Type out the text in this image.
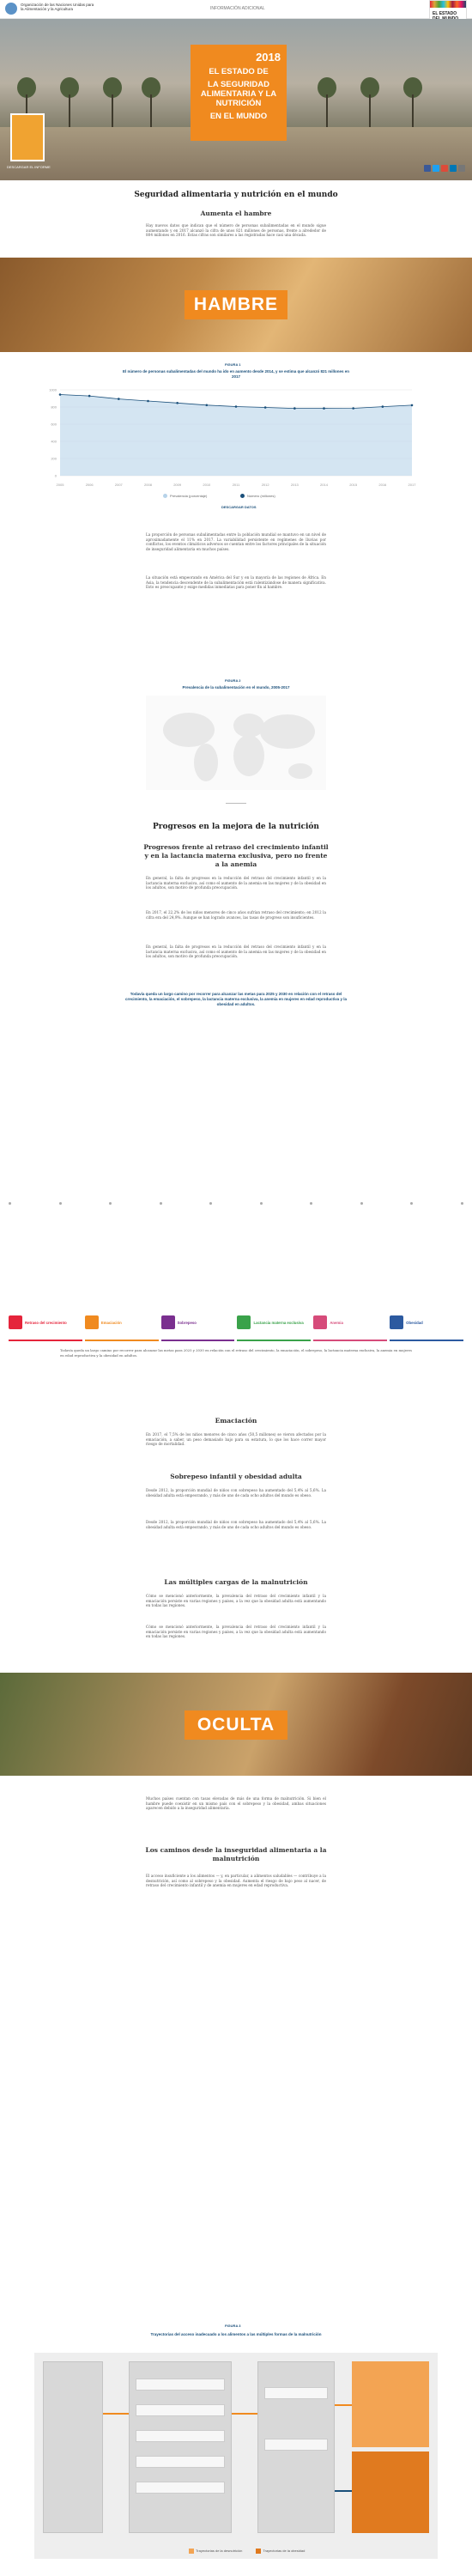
Organización de las Naciones Unidas para la Alimentación y la Agricultura	INFORMACIÓN ADICIONAL
EL ESTADO
2018
EL ESTADO DE
LA SEGURIDAD ALIMENTARIA Y LA NUTRICIÓN
EN EL MUNDO
DESCARGAR EL INFORME
Seguridad alimentaria y nutrición en el mundo
Aumenta el hambre
Hay nuevos datos que indican que el número de personas subalimentadas en el mundo sigue aumentando y en 2017 alcanzó la cifra de unos 821 millones de personas, frente a alrededor de 804 millones en 2016. Estas cifras son similares a las registradas hace casi una década.
HAMBRE
FIGURA 1
El número de personas subalimentadas del mundo ha ido en aumento desde 2014, y se estima que alcanzó 821 millones en 2017
0
200
400
600
800
1000
2005	2006	2007	2008	2009	2010	2011	2012	2013	2014	2015	2016	2017
Prevalencia (porcentaje)	Número (millones)
DESCARGAR DATOS
La proporción de personas subalimentadas entre la población mundial se mantuvo en un nivel de aproximadamente el 11% en 2017. La variabilidad persistente en regímenes de lluvias por conflictos, los eventos climáticos adversos se cuentan entre los factores principales de la situación de inseguridad alimentaria en muchos países.
La situación está empeorando en América del Sur y en la mayoría de las regiones de África. En Asia, la tendencia descendente de la subalimentación está ralentizándose de manera significativa. Esto es preocupante y exige medidas inmediatas para poner fin al hambre.
FIGURA 2
Prevalencia de la subalimentación en el mundo, 2005-2017
Progresos en la mejora de la nutrición
Progresos frente al retraso del crecimiento infantil y en la lactancia materna exclusiva, pero no frente a la anemia
En general, la falta de progresos en la reducción del retraso del crecimiento infantil y en la lactancia materna exclusiva, así como el aumento de la anemia en las mujeres y de la obesidad en los adultos, son motivo de profunda preocupación.
En 2017, el 22,2% de los niños menores de cinco años sufrían retraso del crecimiento; en 2012 la cifra era del 24,9%. Aunque se han logrado avances, las tasas de progreso son insuficientes.
En general, la falta de progresos en la reducción del retraso del crecimiento infantil y en la lactancia materna exclusiva, así como el aumento de la anemia en las mujeres y de la obesidad en los adultos, son motivo de profunda preocupación.
Todavía queda un largo camino por recorrer para alcanzar las metas para 2025 y 2030 en relación con el retraso del crecimiento, la emaciación, el sobrepeso, la lactancia materna exclusiva, la anemia en mujeres en edad reproductiva y la obesidad en adultos.
Retraso del crecimiento	Emaciación	Sobrepeso	Lactancia materna exclusiva	Anemia	Obesidad
Todavía queda un largo camino por recorrer para alcanzar las metas para 2025 y 2030 en relación con el retraso del crecimiento, la emaciación, el sobrepeso, la lactancia materna exclusiva, la anemia en mujeres en edad reproductiva y la obesidad en adultos.
Emaciación
En 2017, el 7,5% de los niños menores de cinco años (50,5 millones) se vieron afectados por la emaciación, a saber, un peso demasiado bajo para su estatura, lo que los hace correr mayor riesgo de mortalidad.
Sobrepeso infantil y obesidad adulta
Desde 2012, la proporción mundial de niños con sobrepeso ha aumentado del 5,4% al 5,6%. La obesidad adulta está empeorando, y más de uno de cada ocho adultos del mundo es obeso.
Desde 2012, la proporción mundial de niños con sobrepeso ha aumentado del 5,4% al 5,6%. La obesidad adulta está empeorando, y más de uno de cada ocho adultos del mundo es obeso.
Las múltiples cargas de la malnutrición
Cómo se mencionó anteriormente, la prevalencia del retraso del crecimiento infantil y la emaciación persiste en varias regiones y países, a la vez que la obesidad adulta está aumentando en todas las regiones.
Cómo se mencionó anteriormente, la prevalencia del retraso del crecimiento infantil y la emaciación persiste en varias regiones y países, a la vez que la obesidad adulta está aumentando en todas las regiones.
OCULTA
Muchos países cuentan con tasas elevadas de más de una forma de malnutrición. Si bien el hambre puede coexistir en un mismo país con el sobrepeso y la obesidad, ambas situaciones aparecen debido a la inseguridad alimentaria.
Los caminos desde la inseguridad alimentaria a la malnutrición
El acceso insuficiente a los alimentos — y, en particular, a alimentos saludables — contribuye a la desnutrición, así como al sobrepeso y la obesidad. Aumenta el riesgo de bajo peso al nacer, de retraso del crecimiento infantil y de anemia en mujeres en edad reproductiva.
FIGURA 3
Trayectorias del acceso inadecuado a los alimentos a las múltiples formas de la malnutrición
Trayectorias de la desnutrición	Trayectorias de la obesidad
